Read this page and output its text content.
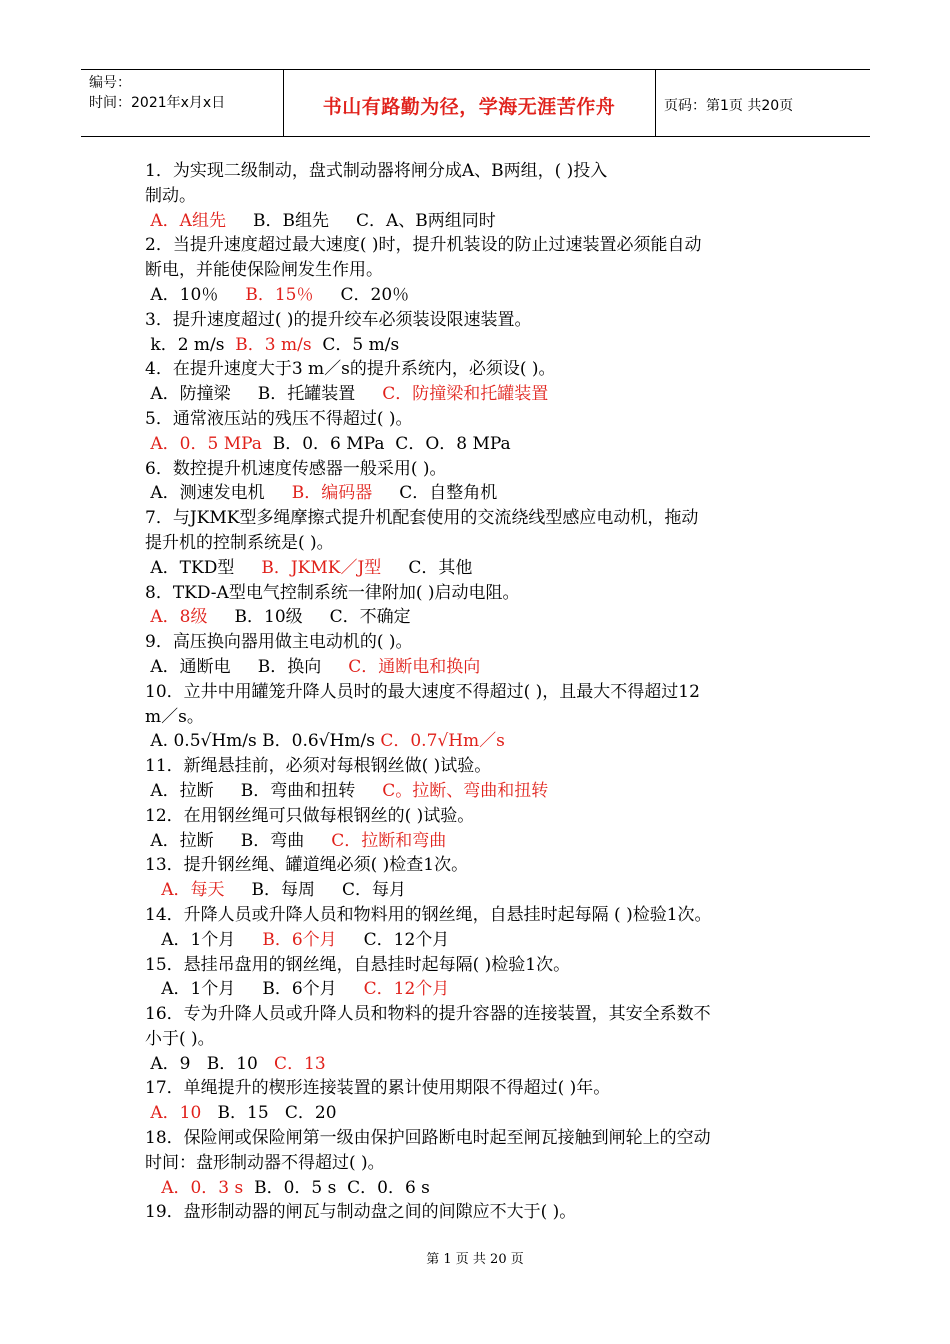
编号：
时间：2021年x月x日	书山有路勤为径，学海无涯苦作舟	页码：第1页 共20页
1．为实现二级制动，盘式制动器将闸分成A、B两组，( )投入
制动。
A．A组先     B．B组先     C．A、B两组同时
2．当提升速度超过最大速度( )时，提升机装设的防止过速装置必须能自动
断电，并能使保险闸发生作用。
A．10％     B．15％     C．20％
3．提升速度超过( )的提升绞车必须装设限速装置。
k．2 m/s  B．3 m/s  C．5 m/s
4．在提升速度大于3 m／s的提升系统内，必须设( )。
A．防撞梁     B．托罐装置     C．防撞梁和托罐装置
5．通常液压站的残压不得超过( )。
A．0．5 MPa  B．0．6 MPa  C．O．8 MPa
6．数控提升机速度传感器一般采用( )。
A．测速发电机     B．编码器     C．自整角机
7．与JKMK型多绳摩擦式提升机配套使用的交流绕线型感应电动机，拖动
提升机的控制系统是( )。
A．TKD型     B．JKMK／J型     C．其他
8．TKD-A型电气控制系统一律附加( )启动电阻。
A．8级     B．10级     C．不确定
9．高压换向器用做主电动机的( )。
A．通断电     B．换向     C．通断电和换向
10．立井中用罐笼升降人员时的最大速度不得超过( )，且最大不得超过12
m／s。
A. 0.5√Hm/s B．0.6√Hm/s C．0.7√Hm／s
11．新绳悬挂前，必须对每根钢丝做( )试验。
A．拉断     B．弯曲和扭转     C。拉断、弯曲和扭转
12．在用钢丝绳可只做每根钢丝的( )试验。
A．拉断     B．弯曲     C．拉断和弯曲
13．提升钢丝绳、罐道绳必须( )检查1次。
A．每天     B．每周     C．每月
14．升降人员或升降人员和物料用的钢丝绳，自悬挂时起每隔 ( )检验1次。
A．1个月     B．6个月     C．12个月
15．悬挂吊盘用的钢丝绳，自悬挂时起每隔( )检验1次。
A．1个月     B．6个月     C．12个月
16．专为升降人员或升降人员和物料的提升容器的连接装置，其安全系数不
小于( )。
A．9   B．10   C．13
17．单绳提升的楔形连接装置的累计使用期限不得超过( )年。
A．10   B．15   C．20
18．保险闸或保险闸第一级由保护回路断电时起至闸瓦接触到闸轮上的空动
时间：盘形制动器不得超过( )。
A．0．3 s  B．0．5 s  C．0．6 s
19．盘形制动器的闸瓦与制动盘之间的间隙应不大于( )。
第 1 页 共 20 页
